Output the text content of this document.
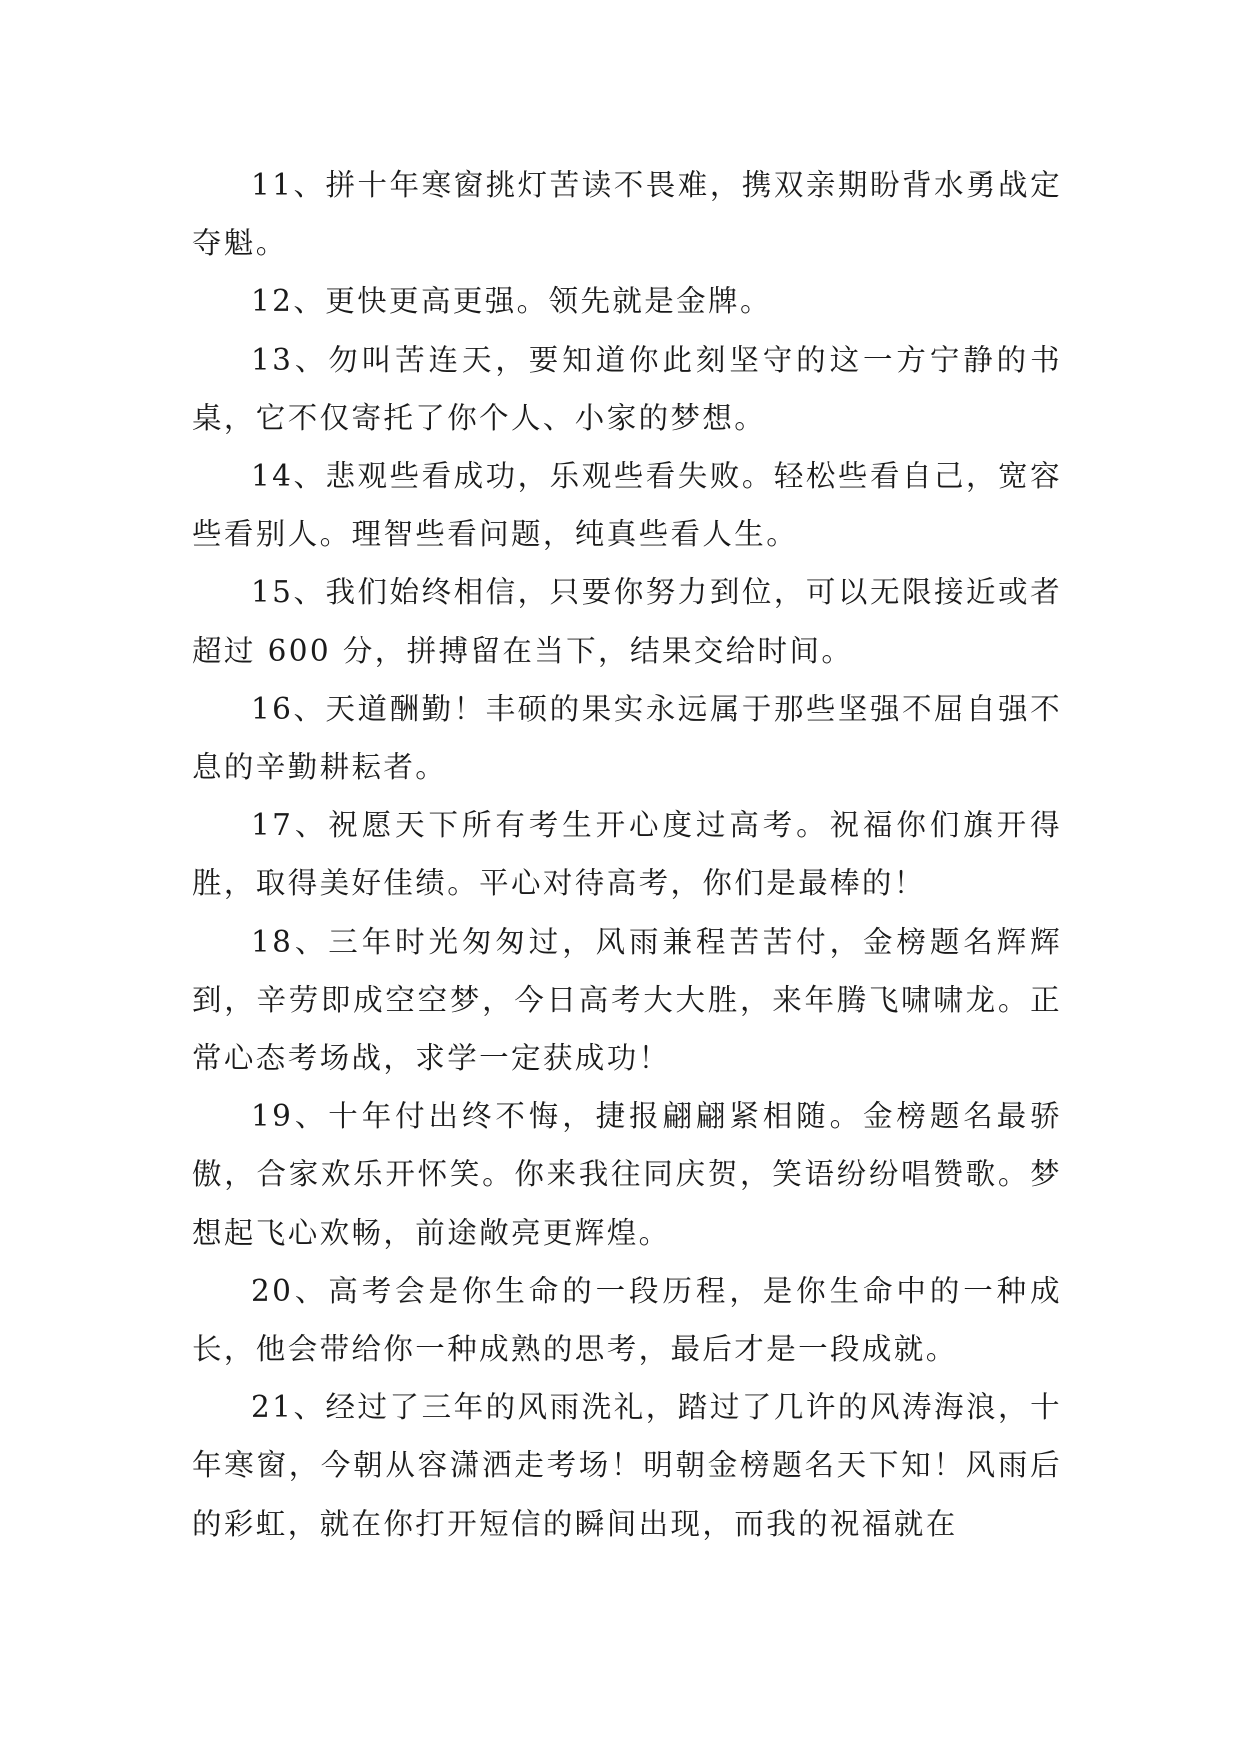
11、拼十年寒窗挑灯苦读不畏难，携双亲期盼背水勇战定夺魁。

12、更快更高更强。领先就是金牌。

13、勿叫苦连天，要知道你此刻坚守的这一方宁静的书桌，它不仅寄托了你个人、小家的梦想。

14、悲观些看成功，乐观些看失败。轻松些看自己，宽容些看别人。理智些看问题，纯真些看人生。

15、我们始终相信，只要你努力到位，可以无限接近或者超过 600 分，拼搏留在当下，结果交给时间。

16、天道酬勤！丰硕的果实永远属于那些坚强不屈自强不息的辛勤耕耘者。

17、祝愿天下所有考生开心度过高考。祝福你们旗开得胜，取得美好佳绩。平心对待高考，你们是最棒的！

18、三年时光匆匆过，风雨兼程苦苦付，金榜题名辉辉到，辛劳即成空空梦，今日高考大大胜，来年腾飞啸啸龙。正常心态考场战，求学一定获成功！

19、十年付出终不悔，捷报翩翩紧相随。金榜题名最骄傲，合家欢乐开怀笑。你来我往同庆贺，笑语纷纷唱赞歌。梦想起飞心欢畅，前途敞亮更辉煌。

20、高考会是你生命的一段历程，是你生命中的一种成长，他会带给你一种成熟的思考，最后才是一段成就。

21、经过了三年的风雨洗礼，踏过了几许的风涛海浪，十年寒窗，今朝从容潇洒走考场！明朝金榜题名天下知！风雨后的彩虹，就在你打开短信的瞬间出现，而我的祝福就在
